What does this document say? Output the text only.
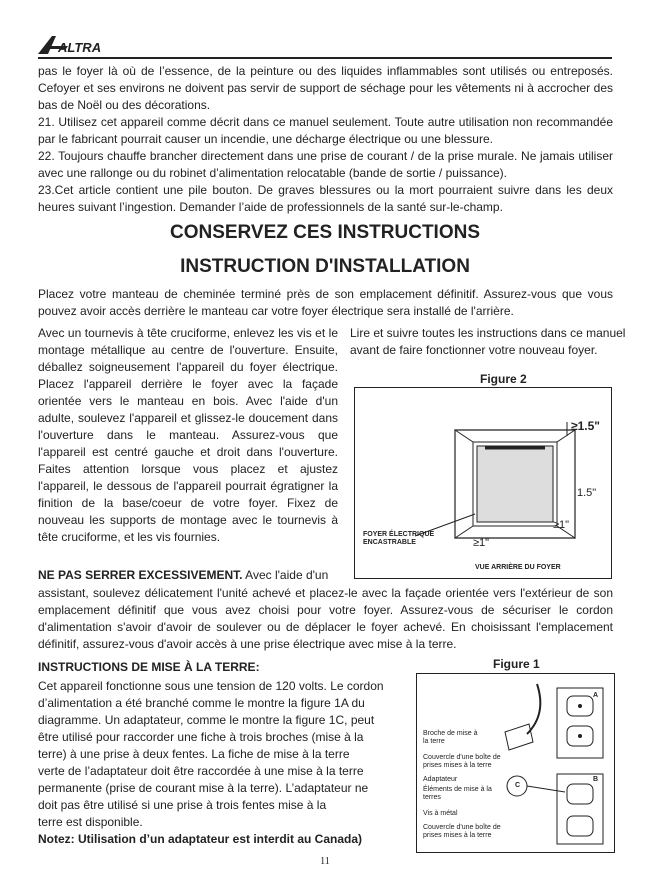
ALTRA

pas le foyer là où de l’essence, de la peinture ou des liquides inflammables sont utilisés ou entreposés. Cefoyer et ses environs ne doivent pas servir de support de séchage pour les vêtements ni à accrocher des bas de Noël ou des décorations.

21. Utilisez cet appareil comme décrit dans ce manuel seulement. Toute autre utilisation non recommandée par le fabricant pourrait causer un incendie, une décharge électrique ou une blessure.

22. Toujours chauffe brancher directement dans une prise de courant / de la prise murale. Ne jamais utiliser avec une rallonge ou du robinet d’alimentation relocatable (bande de sortie / puissance).

23.Cet article contient une pile bouton. De graves blessures ou la mort pourraient suivre dans les deux heures suivant l’ingestion. Demander l’aide de professionnels de la santé sur-le-champ.

CONSERVEZ CES INSTRUCTIONS
INSTRUCTION D'INSTALLATION

Placez votre manteau de cheminée terminé près de son emplacement définitif. Assurez-vous que vous pouvez avoir accès derrière le manteau car votre foyer électrique sera installé de l'arrière.

Avec un tournevis à tête cruciforme, enlevez les vis et le montage métallique au centre de l'ouverture. Ensuite, déballez soigneusement l'appareil du foyer électrique. Placez l'appareil derrière le foyer avec la façade orientée vers le manteau en bois. Avec l'aide d'un adulte, soulevez l'appareil et glissez-le doucement dans l'ouverture dans le manteau. Assurez-vous que l'appareil est centré gauche et droit dans l'ouverture. Faites attention lorsque vous placez et ajustez l'appareil, le dessous de l'appareil pourrait égratigner la finition de la base/coeur de votre foyer. Fixez de nouveau les supports de montage avec le tournevis à tête cruciforme, et les vis fournies.

Lire et suivre toutes les instructions dans ce manuel avant de faire fonctionner votre nouveau foyer.

Figure 2
≥1.5"
1.5"
≥1"
≥1"
FOYER ÉLECTRIQUE ENCASTRABLE
VUE ARRIÈRE DU FOYER

NE PAS SERRER EXCESSIVEMENT. Avec l'aide d'un

assistant, soulevez délicatement l'unité achevé et placez-le avec la façade orientée vers l'extérieur de son emplacement définitif que vous avez choisi pour votre foyer. Assurez-vous de sécuriser le cordon d'alimentation s'avoir d'avoir de soulever ou de déplacer le foyer achevé. En choisissant l'emplacement définitif, assurez-vous d'avoir accès à une prise électrique avec mise à la terre.

INSTRUCTIONS DE MISE À LA TERRE:
Cet appareil fonctionne sous une tension de 120 volts. Le cordon
d’alimentation a été branché comme le montre la figure 1A du
diagramme. Un adaptateur, comme le montre la figure 1C, peut
être utilisé pour raccorder une fiche à trois broches (mise à la
terre) à une prise à deux fentes. La fiche de mise à la terre
verte de l’adaptateur doit être raccordée à une mise à la terre
permanente (prise de courant mise à la terre). L’adaptateur ne
doit pas être utilisé si une prise à trois fentes mise à la
terre est disponible.
Notez: Utilisation d’un adaptateur est interdit au Canada)
Figure 1
A
B
C
Broche de mise à la terre
Couvercle d'une boîte de prises mises à la terre
Adaptateur
Éléments de mise à la terres
Vis à métal
Couvercle d'une boîte de prises mises à la terre
11
